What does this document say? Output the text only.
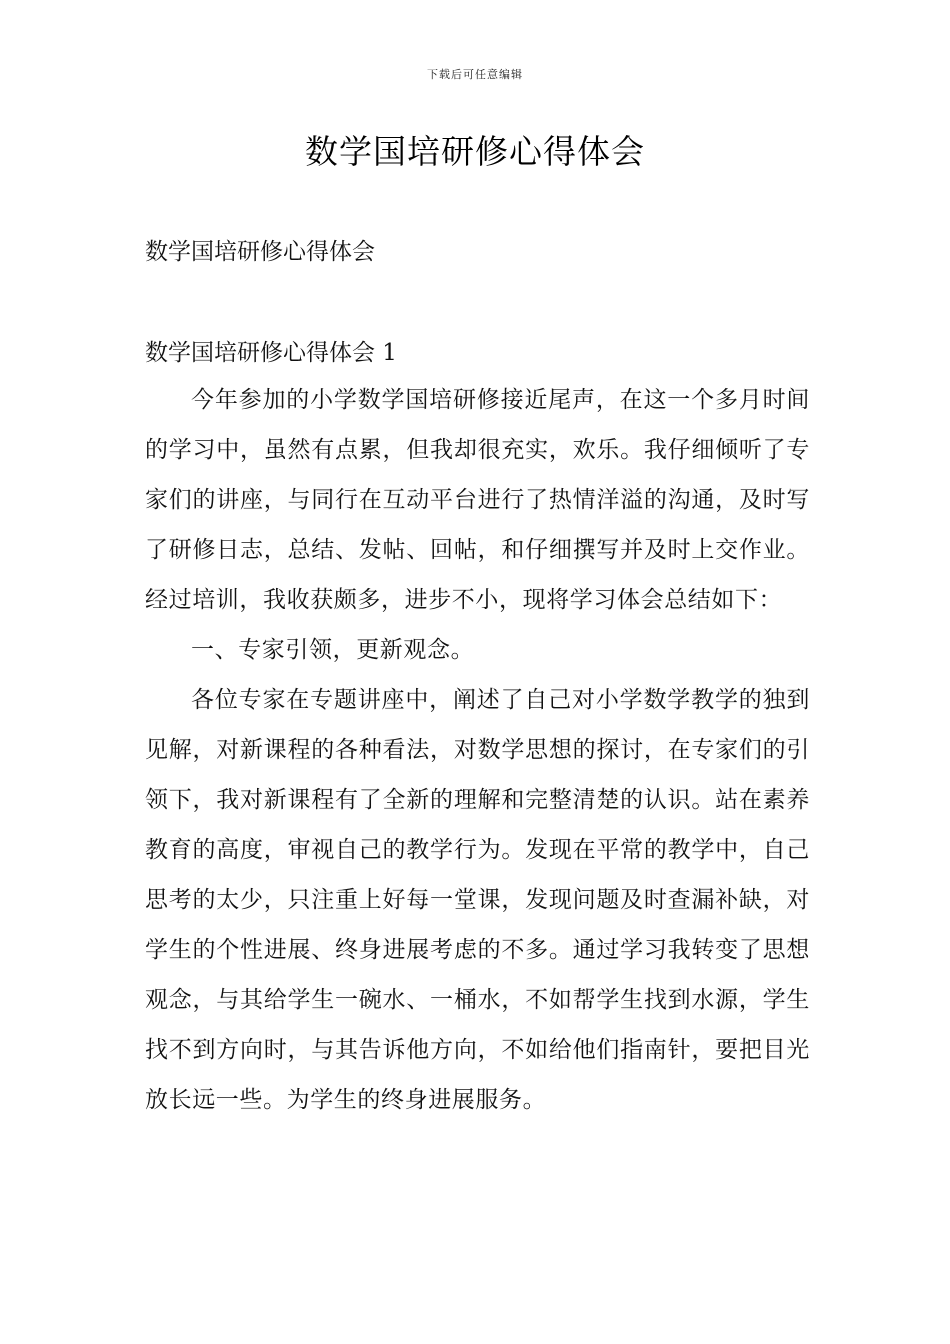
下载后可任意编辑
数学国培研修心得体会
数学国培研修心得体会
数学国培研修心得体会 1

今年参加的小学数学国培研修接近尾声，在这一个多月时间的学习中，虽然有点累，但我却很充实，欢乐。我仔细倾听了专家们的讲座，与同行在互动平台进行了热情洋溢的沟通，及时写了研修日志，总结、发帖、回帖，和仔细撰写并及时上交作业。经过培训，我收获颇多，进步不小，现将学习体会总结如下：

一、专家引领，更新观念。

各位专家在专题讲座中，阐述了自己对小学数学教学的独到见解，对新课程的各种看法，对数学思想的探讨，在专家们的引领下，我对新课程有了全新的理解和完整清楚的认识。站在素养教育的高度，审视自己的教学行为。发现在平常的教学中，自己思考的太少，只注重上好每一堂课，发现问题及时查漏补缺，对学生的个性进展、终身进展考虑的不多。通过学习我转变了思想观念，与其给学生一碗水、一桶水，不如帮学生找到水源，学生找不到方向时，与其告诉他方向，不如给他们指南针，要把目光放长远一些。为学生的终身进展服务。
